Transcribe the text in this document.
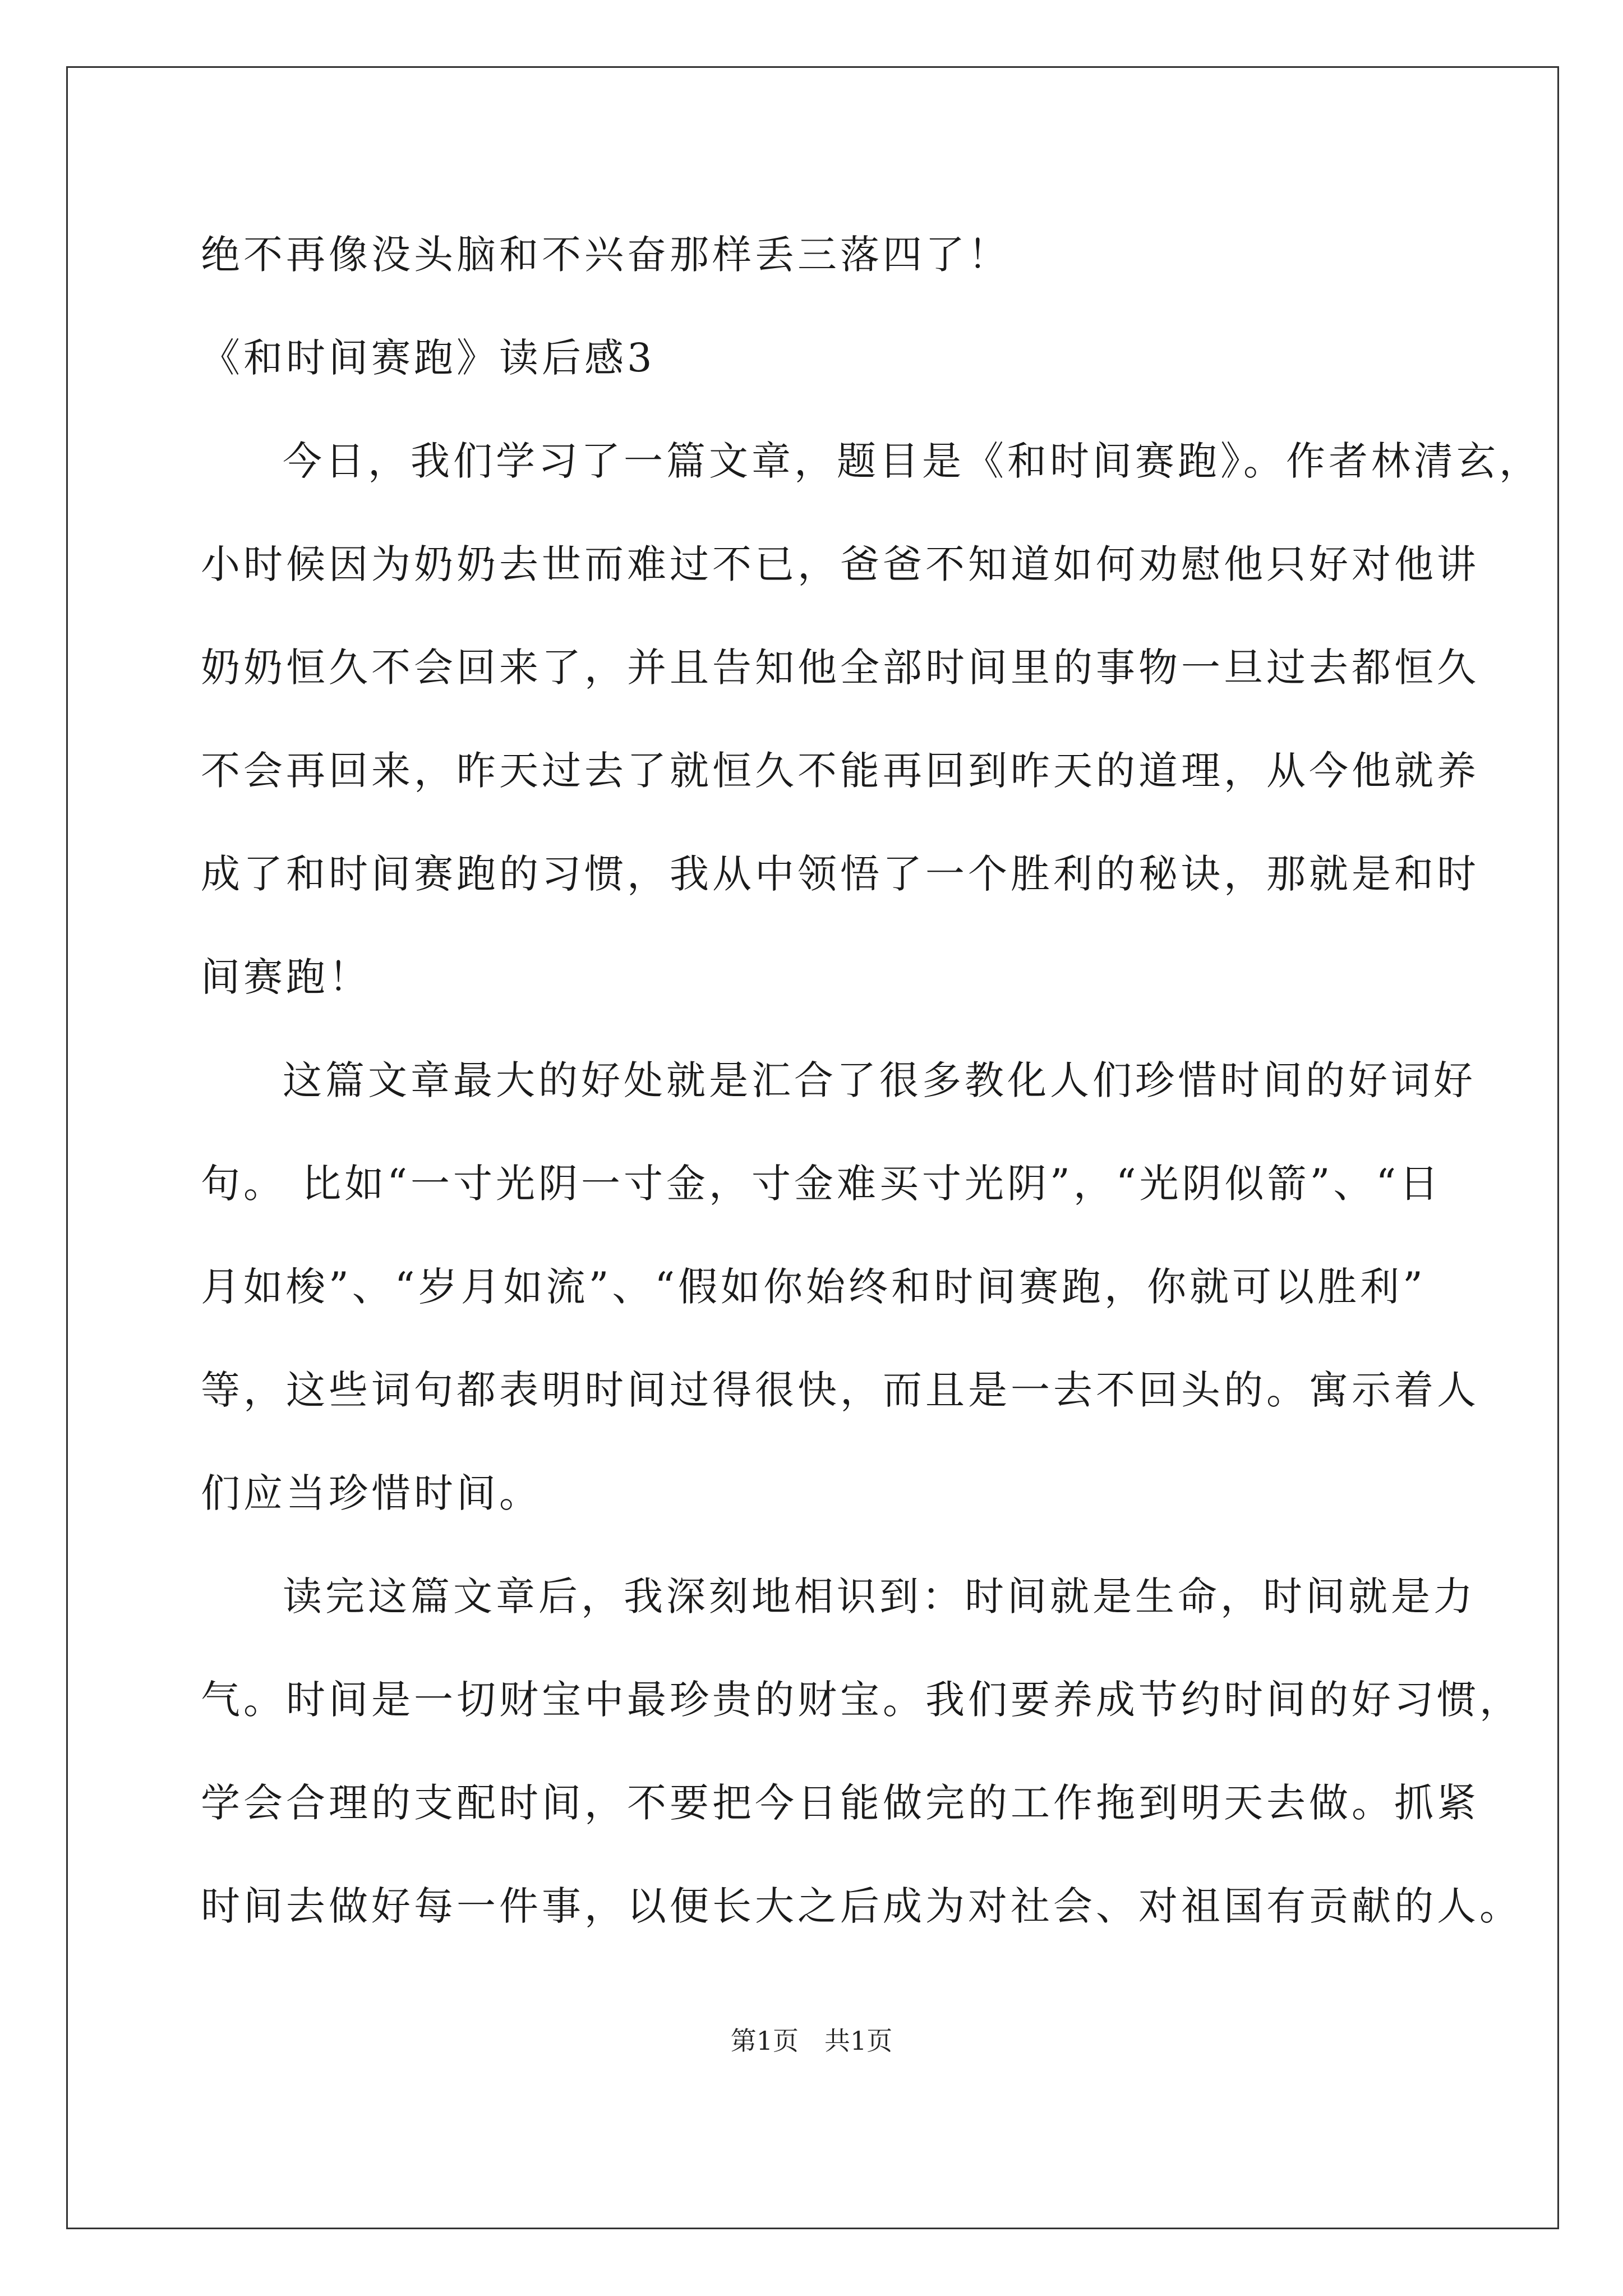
绝不再像没头脑和不兴奋那样丢三落四了！

《和时间赛跑》读后感3

今日，我们学习了一篇文章，题目是《和时间赛跑》。作者林清玄，

小时候因为奶奶去世而难过不已，爸爸不知道如何劝慰他只好对他讲

奶奶恒久不会回来了，并且告知他全部时间里的事物一旦过去都恒久

不会再回来，昨天过去了就恒久不能再回到昨天的道理，从今他就养

成了和时间赛跑的习惯，我从中领悟了一个胜利的秘诀，那就是和时

间赛跑！

这篇文章最大的好处就是汇合了很多教化人们珍惜时间的好词好

句。 比如“一寸光阴一寸金，寸金难买寸光阴”，“光阴似箭”、“日

月如梭”、“岁月如流”、“假如你始终和时间赛跑，你就可以胜利”

等，这些词句都表明时间过得很快，而且是一去不回头的。寓示着人

们应当珍惜时间。

读完这篇文章后，我深刻地相识到：时间就是生命，时间就是力

气。时间是一切财宝中最珍贵的财宝。我们要养成节约时间的好习惯，

学会合理的支配时间，不要把今日能做完的工作拖到明天去做。抓紧

时间去做好每一件事，以便长大之后成为对社会、对祖国有贡献的人。

第1页　共1页
